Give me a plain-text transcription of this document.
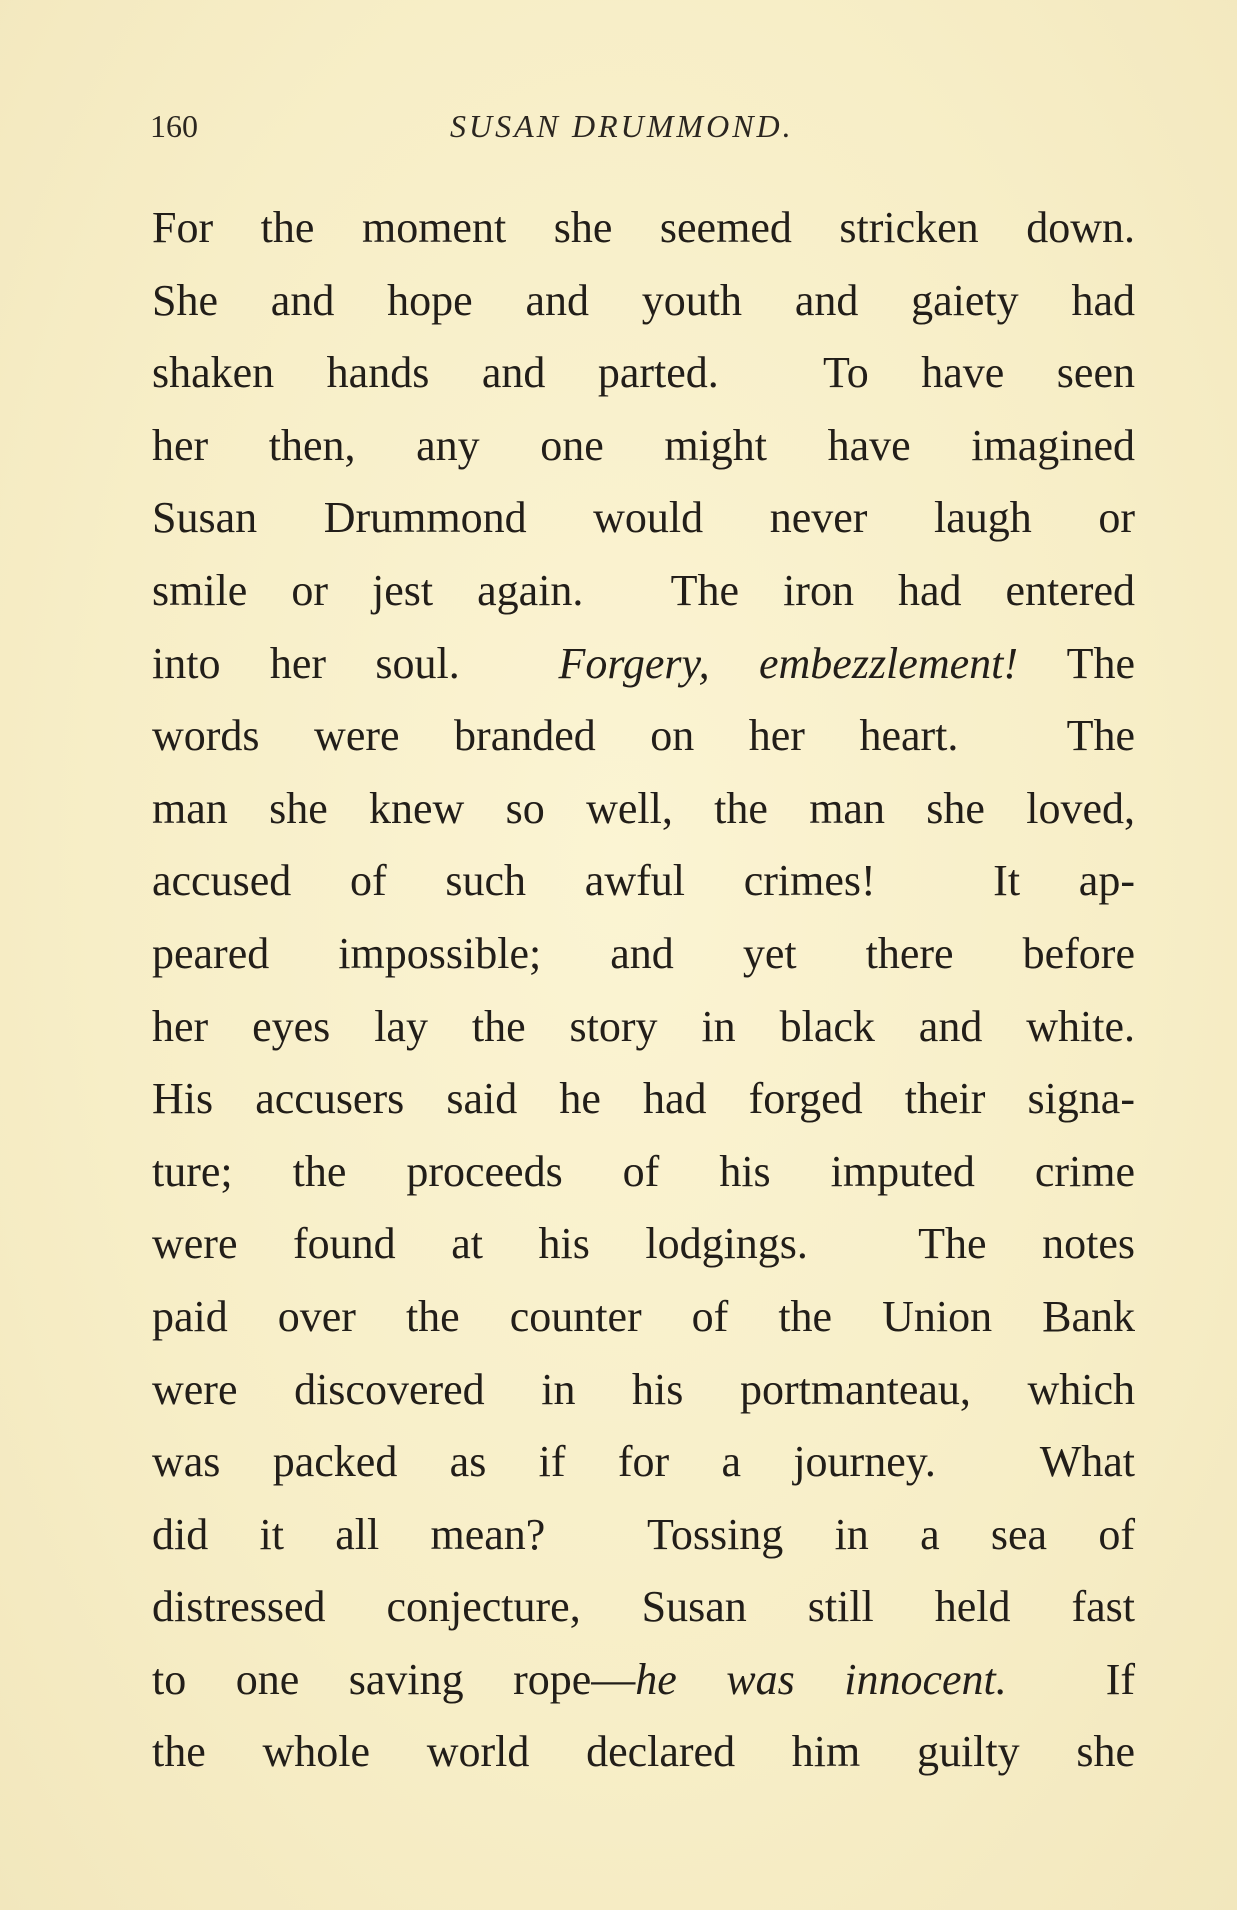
160	SUSAN DRUMMOND.
For the moment she seemed stricken down.
She and hope and youth and gaiety had
shaken hands and parted.  To have seen
her then, any one might have imagined
Susan Drummond would never laugh or
smile or jest again.  The iron had entered
into her soul.  Forgery, embezzlement! The
words were branded on her heart.  The
man she knew so well, the man she loved,
accused of such awful crimes!  It ap-
peared impossible; and yet there before
her eyes lay the story in black and white.
His accusers said he had forged their signa-
ture; the proceeds of his imputed crime
were found at his lodgings.  The notes
paid over the counter of the Union Bank
were discovered in his portmanteau, which
was packed as if for a journey.  What
did it all mean?  Tossing in a sea of
distressed conjecture, Susan still held fast
to one saving rope—he was innocent.  If
the whole world declared him guilty she
